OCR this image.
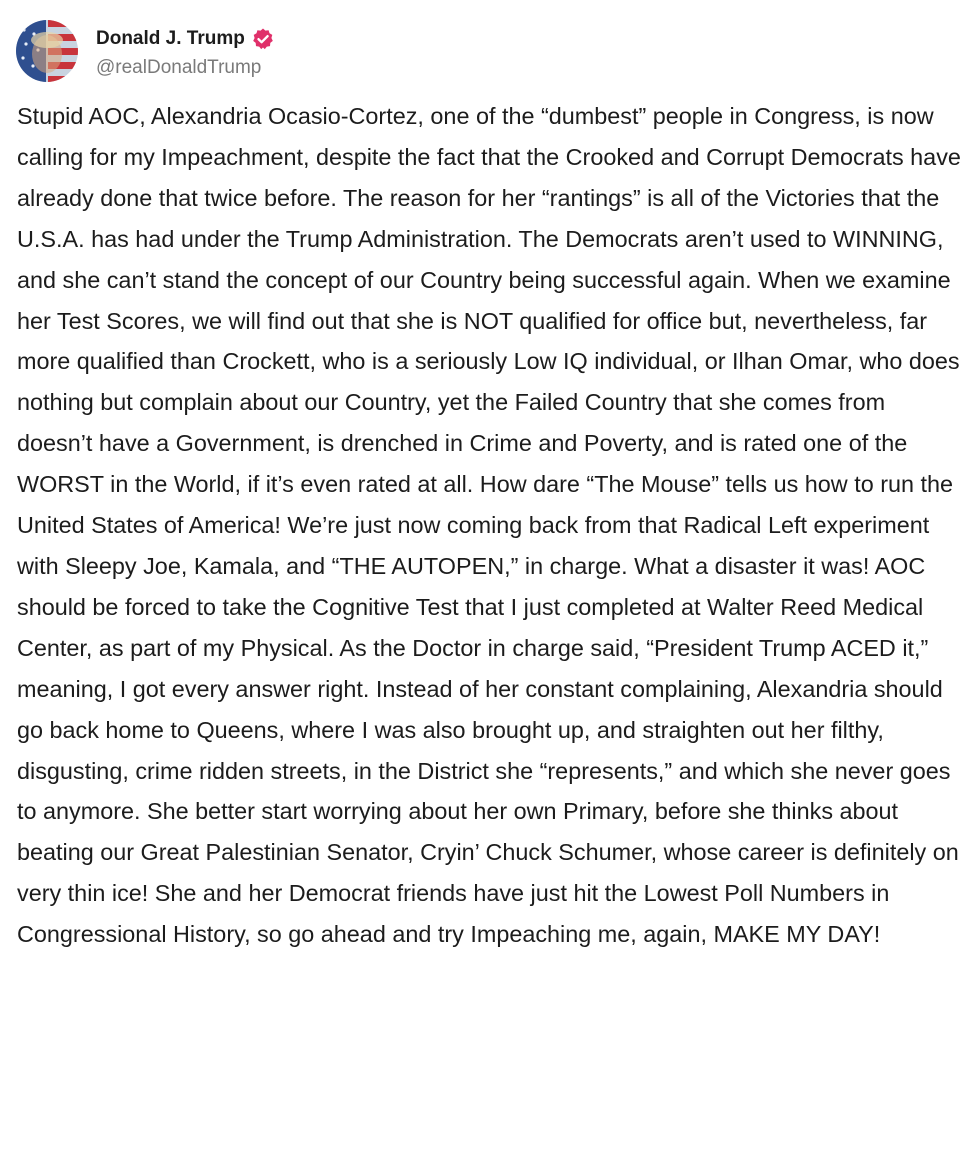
Donald J. Trump
@realDonaldTrump

Stupid AOC, Alexandria Ocasio-Cortez, one of the “dumbest” people in Congress, is now calling for my Impeachment, despite the fact that the Crooked and Corrupt Democrats have already done that twice before. The reason for her “rantings” is all of the Victories that the U.S.A. has had under the Trump Administration. The Democrats aren’t used to WINNING, and she can’t stand the concept of our Country being successful again. When we examine her Test Scores, we will find out that she is NOT qualified for office but, nevertheless, far more qualified than Crockett, who is a seriously Low IQ individual, or Ilhan Omar, who does nothing but complain about our Country, yet the Failed Country that she comes from doesn’t have a Government, is drenched in Crime and Poverty, and is rated one of the WORST in the World, if it’s even rated at all. How dare “The Mouse” tells us how to run the United States of America! We’re just now coming back from that Radical Left experiment with Sleepy Joe, Kamala, and “THE AUTOPEN,” in charge. What a disaster it was! AOC should be forced to take the Cognitive Test that I just completed at Walter Reed Medical Center, as part of my Physical. As the Doctor in charge said, “President Trump ACED it,” meaning, I got every answer right. Instead of her constant complaining, Alexandria should go back home to Queens, where I was also brought up, and straighten out her filthy, disgusting, crime ridden streets, in the District she “represents,” and which she never goes to anymore. She better start worrying about her own Primary, before she thinks about beating our Great Palestinian Senator, Cryin’ Chuck Schumer, whose career is definitely on very thin ice! She and her Democrat friends have just hit the Lowest Poll Numbers in Congressional History, so go ahead and try Impeaching me, again, MAKE MY DAY!
